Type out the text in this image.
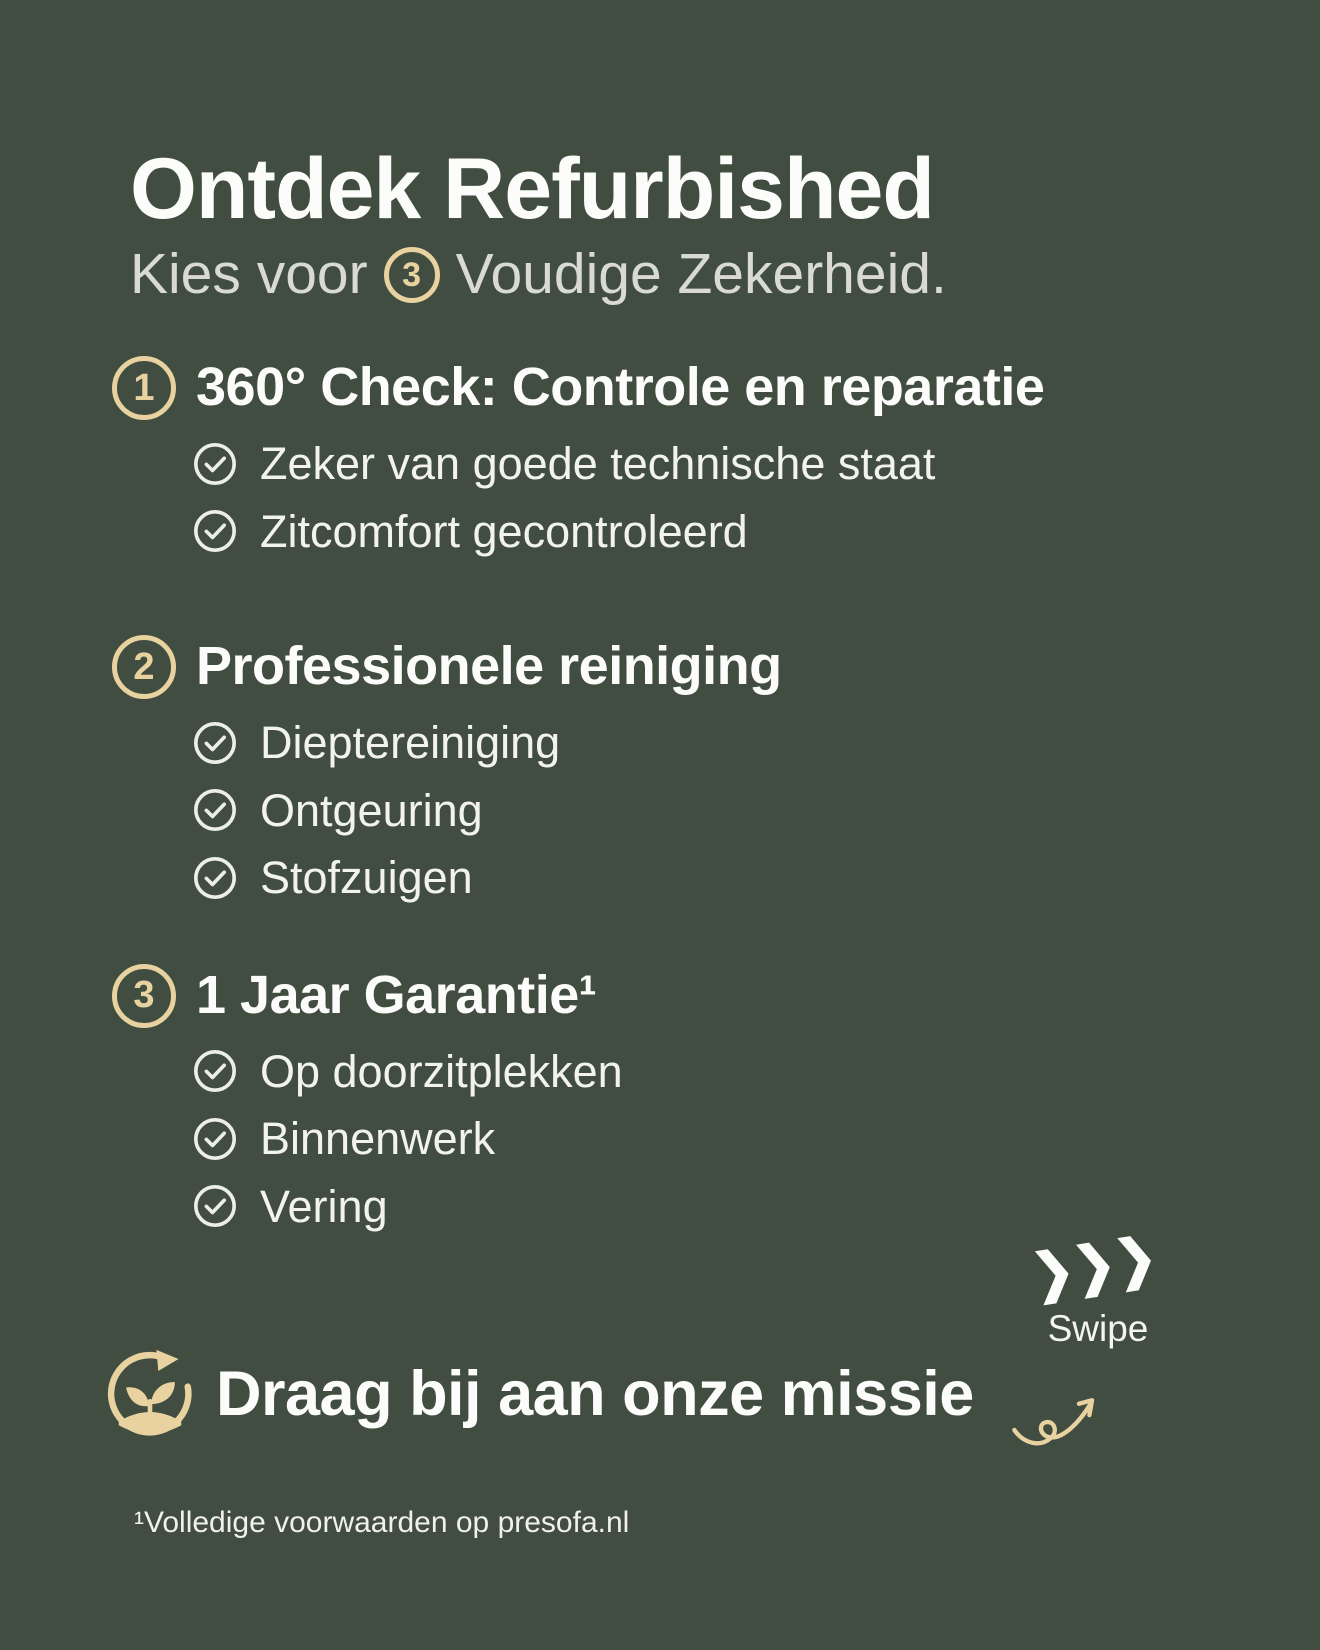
Ontdek Refurbished
Kies voor	3 Voudige Zekerheid.
1 360° Check: Controle en reparatie
Zeker van goede technische staat
Zitcomfort gecontroleerd
2 Professionele reiniging
Dieptereiniging
Ontgeuring
Stofzuigen
3 1 Jaar Garantie¹
Op doorzitplekken
Binnenwerk
Vering
Swipe
Draag bij aan onze missie
¹Volledige voorwaarden op presofa.nl
